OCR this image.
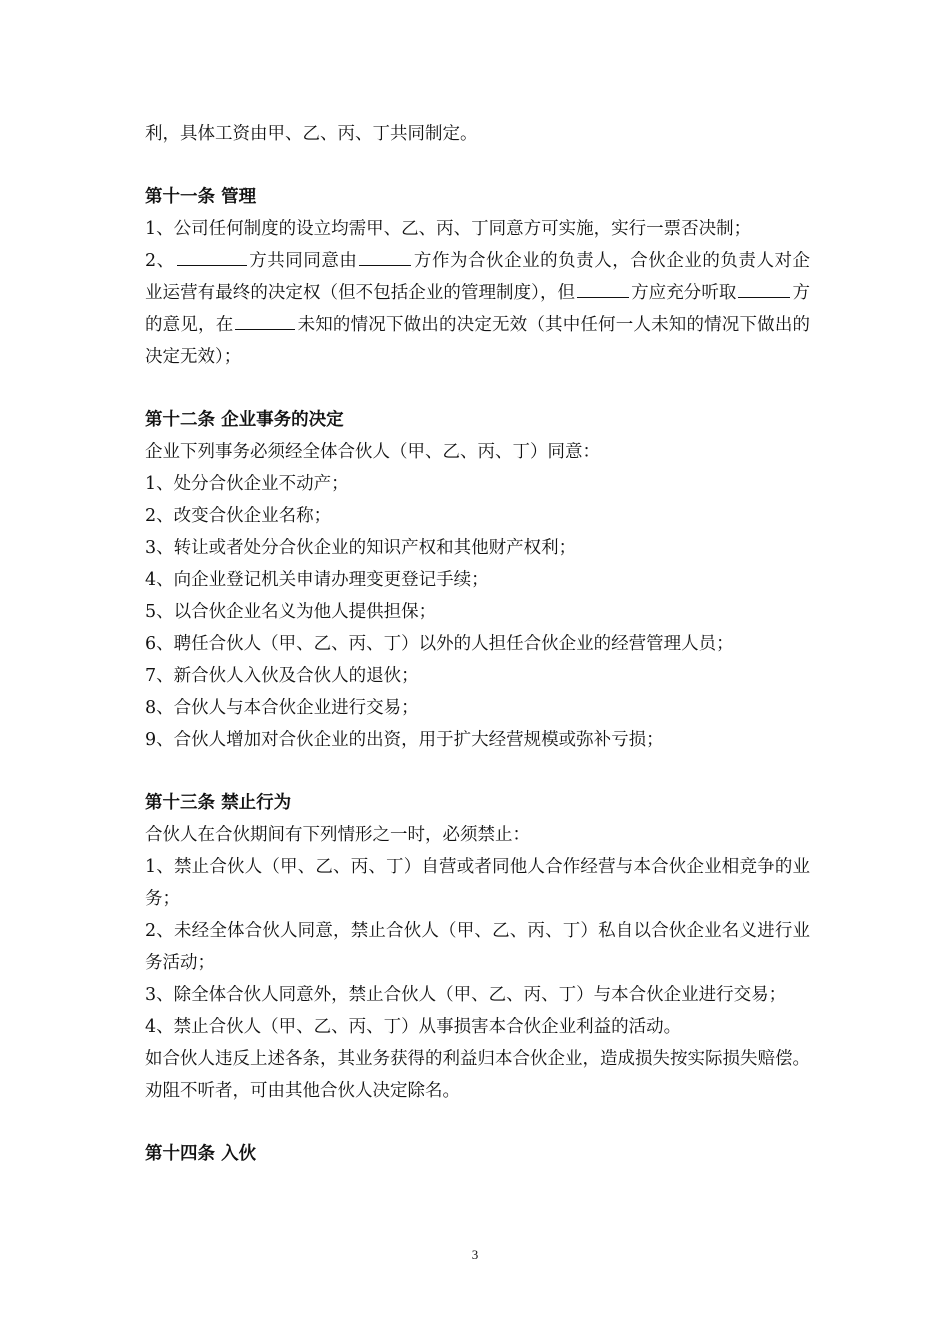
利，具体工资由甲、乙、丙、丁共同制定。

第十一条 管理

1、公司任何制度的设立均需甲、乙、丙、丁同意方可实施，实行一票否决制；

2、	方共同同意由	方作为合伙企业的负责人，合伙企业的负责人对企业运营有最终的决定权（但不包括企业的管理制度），但	方应充分听取	方的意见，在	未知的情况下做出的决定无效（其中任何一人未知的情况下做出的决定无效）；

第十二条 企业事务的决定

企业下列事务必须经全体合伙人（甲、乙、丙、丁）同意：

1、处分合伙企业不动产；

2、改变合伙企业名称；

3、转让或者处分合伙企业的知识产权和其他财产权利；

4、向企业登记机关申请办理变更登记手续；

5、以合伙企业名义为他人提供担保；

6、聘任合伙人（甲、乙、丙、丁）以外的人担任合伙企业的经营管理人员；

7、新合伙人入伙及合伙人的退伙；

8、合伙人与本合伙企业进行交易；

9、合伙人增加对合伙企业的出资，用于扩大经营规模或弥补亏损；

第十三条 禁止行为

合伙人在合伙期间有下列情形之一时，必须禁止：

1、禁止合伙人（甲、乙、丙、丁）自营或者同他人合作经营与本合伙企业相竞争的业务；

2、未经全体合伙人同意，禁止合伙人（甲、乙、丙、丁）私自以合伙企业名义进行业务活动；

3、除全体合伙人同意外，禁止合伙人（甲、乙、丙、丁）与本合伙企业进行交易；

4、禁止合伙人（甲、乙、丙、丁）从事损害本合伙企业利益的活动。

如合伙人违反上述各条，其业务获得的利益归本合伙企业，造成损失按实际损失赔偿。劝阻不听者，可由其他合伙人决定除名。

第十四条 入伙

3
